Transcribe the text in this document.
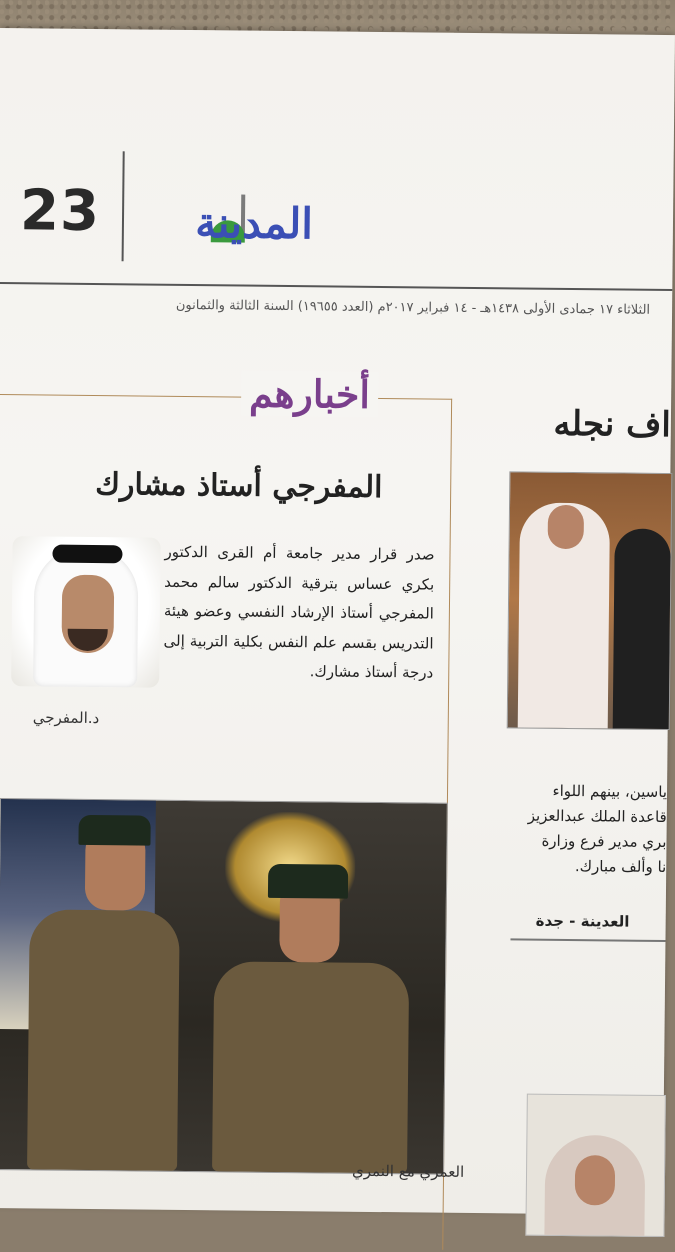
23 المدينة
الثلاثاء ١٧ جمادى الأولى ١٤٣٨هـ - ١٤ فبراير ٢٠١٧م (العدد ١٩٦٥٥) السنة الثالثة والثمانون
أخبارهم
المفرجي أستاذ مشارك
د.المفرجي
صدر قرار مدير جامعة أم القرى الدكتور بكري عساس بترقية الدكتور سالم محمد المفرجي أستاذ الإرشاد النفسي وعضو هيئة التدريس بقسم علم النفس بكلية التربية إلى درجة أستاذ مشارك.
العمري مع النمري

اف نجله
ياسين، بينهم اللواء
قاعدة الملك عبدالعزيز
بري مدير فرع وزارة
نا وألف مبارك.
العدينة - جدة
